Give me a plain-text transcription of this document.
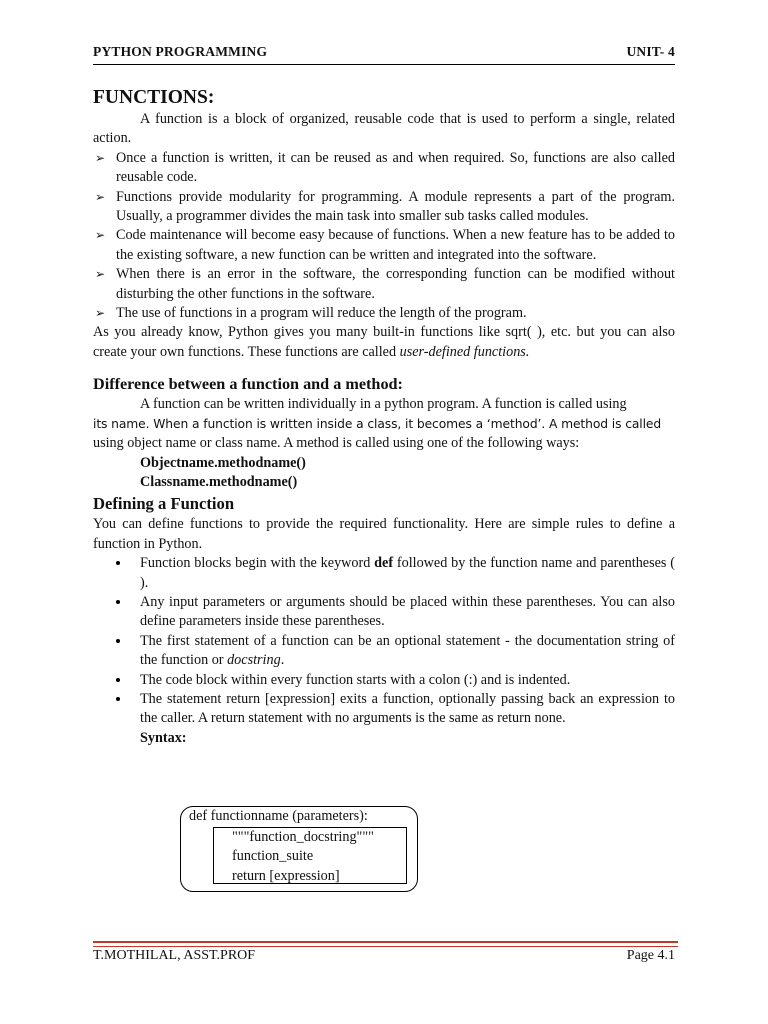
PYTHON PROGRAMMING	UNIT- 4
FUNCTIONS:

A function is a block of organized, reusable code that is used to perform a single, related action.

➢ Once a function is written, it can be reused as and when required. So, functions are also called reusable code.
➢ Functions provide modularity for programming. A module represents a part of the program. Usually, a programmer divides the main task into smaller sub tasks called modules.
➢ Code maintenance will become easy because of functions. When a new feature has to be added to the existing software, a new function can be written and integrated into the software.
➢ When there is an error in the software, the corresponding function can be modified without disturbing the other functions in the software.
➢ The use of functions in a program will reduce the length of the program.

As you already know, Python gives you many built-in functions like sqrt( ), etc. but you can also create your own functions. These functions are called user-defined functions.

Difference between a function and a method:

A function can be written individually in a python program. A function is called using

its name. When a function is written inside a class, it becomes a ‘method’. A method is called

using object name or class name. A method is called using one of the following ways:

Objectname.methodname()
Classname.methodname()
Defining a Function

You can define functions to provide the required functionality. Here are simple rules to define a function in Python.

Function blocks begin with the keyword def followed by the function name and parentheses ( ).
Any input parameters or arguments should be placed within these parentheses. You can also define parameters inside these parentheses.
The first statement of a function can be an optional statement - the documentation string of the function or docstring.
The code block within every function starts with a colon (:) and is indented.
The statement return [expression] exits a function, optionally passing back an expression to the caller. A return statement with no arguments is the same as return none.
Syntax:
def functionname (parameters):
"""function_docstring"""
function_suite
return [expression]
T.MOTHILAL, ASST.PROF	Page 4.1
